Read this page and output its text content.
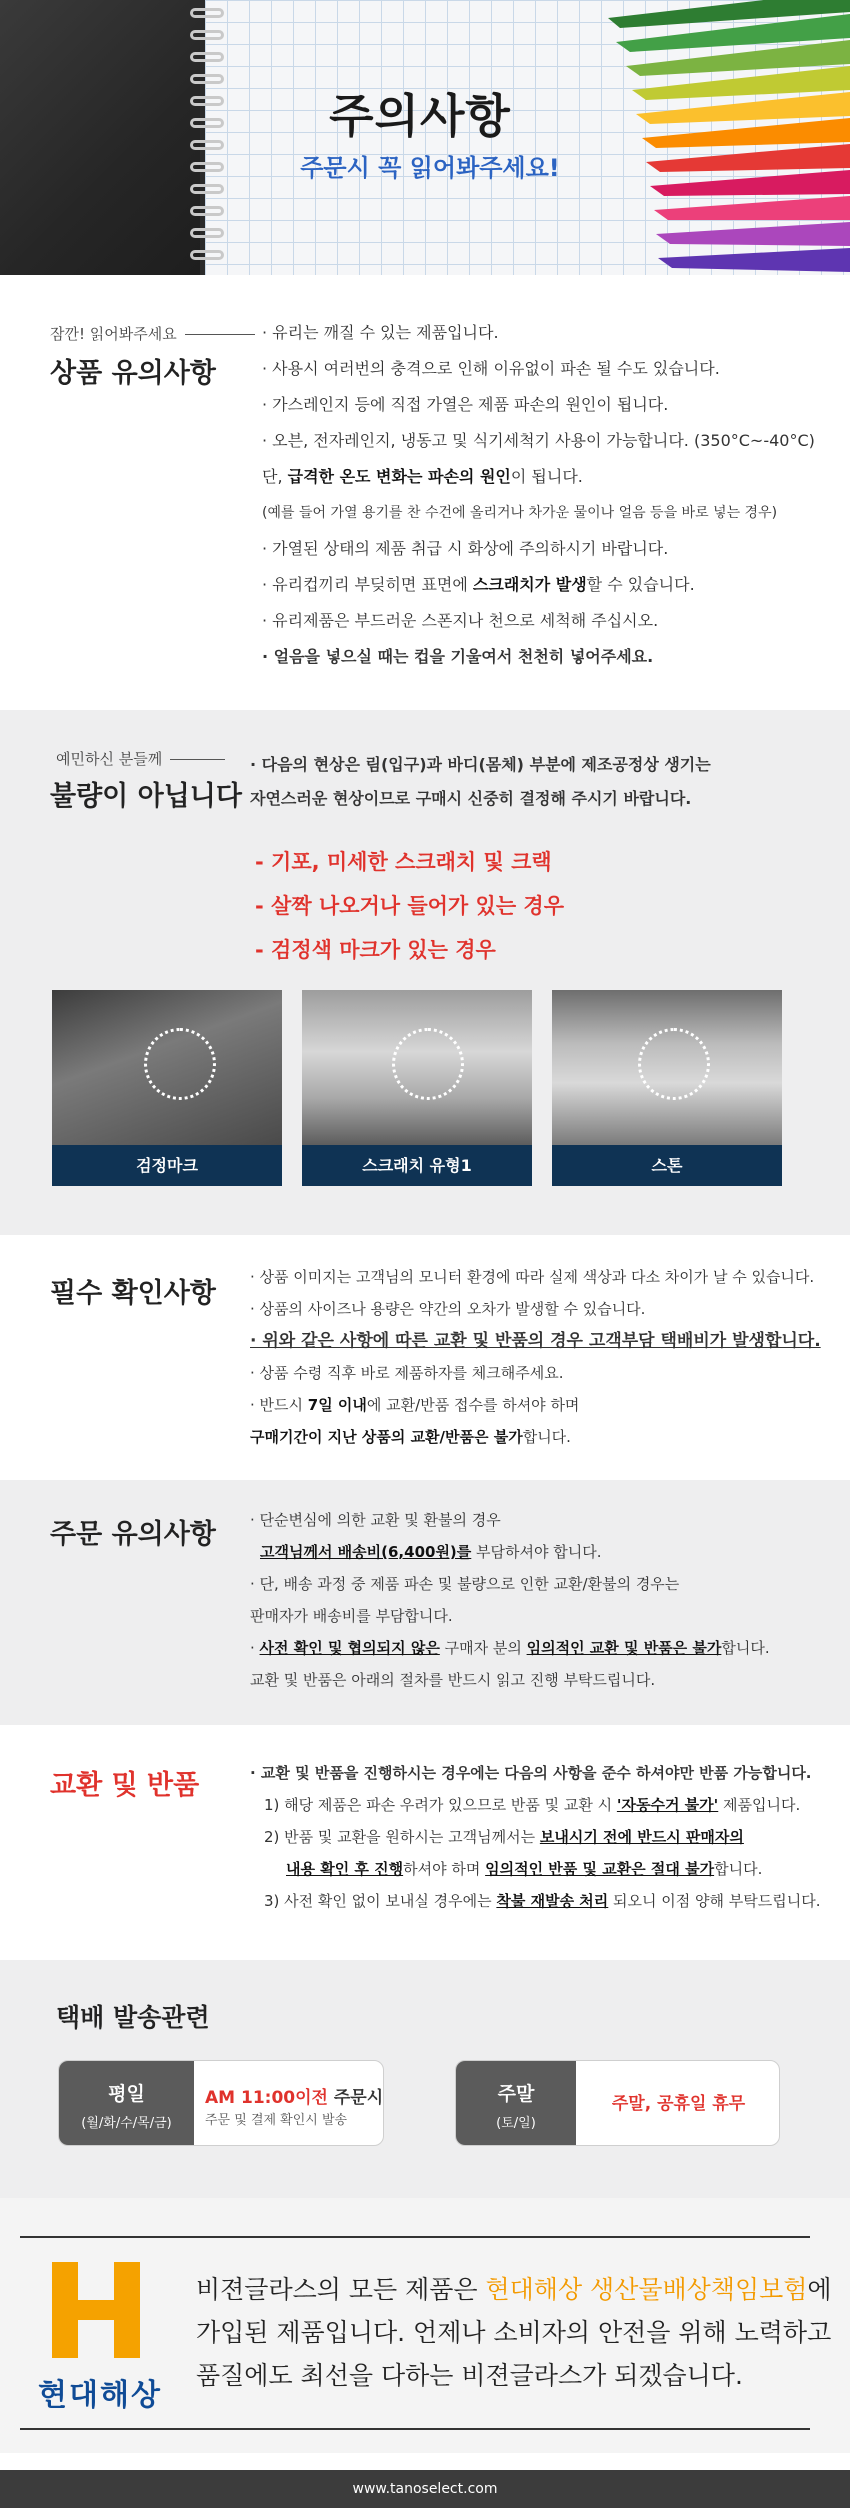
주의사항
주문시 꼭 읽어봐주세요!
잠깐! 읽어봐주세요
상품 유의사항
· 유리는 깨질 수 있는 제품입니다.
· 사용시 여러번의 충격으로 인해 이유없이 파손 될 수도 있습니다.
· 가스레인지 등에 직접 가열은 제품 파손의 원인이 됩니다.
· 오븐, 전자레인지, 냉동고 및 식기세척기 사용이 가능합니다. (350°C~-40°C)
단, 급격한 온도 변화는 파손의 원인이 됩니다.
(예를 들어 가열 용기를 찬 수건에 올리거나 차가운 물이나 얼음 등을 바로 넣는 경우)
· 가열된 상태의 제품 취급 시 화상에 주의하시기 바랍니다.
· 유리컵끼리 부딪히면 표면에 스크래치가 발생할 수 있습니다.
· 유리제품은 부드러운 스폰지나 천으로 세척해 주십시오.
· 얼음을 넣으실 때는 컵을 기울여서 천천히 넣어주세요.
예민하신 분들께
불량이 아닙니다
· 다음의 현상은 림(입구)과 바디(몸체) 부분에 제조공정상 생기는
자연스러운 현상이므로 구매시 신중히 결정해 주시기 바랍니다.
- 기포, 미세한 스크래치 및 크랙
- 살짝 나오거나 들어가 있는 경우
- 검정색 마크가 있는 경우
검정마크	스크래치 유형1	스톤
필수 확인사항
· 상품 이미지는 고객님의 모니터 환경에 따라 실제 색상과 다소 차이가 날 수 있습니다.
· 상품의 사이즈나 용량은 약간의 오차가 발생할 수 있습니다.
· 위와 같은 사항에 따른 교환 및 반품의 경우 고객부담 택배비가 발생합니다.
· 상품 수령 직후 바로 제품하자를 체크해주세요.
· 반드시 7일 이내에 교환/반품 접수를 하셔야 하며
구매기간이 지난 상품의 교환/반품은 불가합니다.
주문 유의사항 · 단순변심에 의한 교환 및 환불의 경우
고객님께서 배송비(6,400원)를 부담하셔야 합니다.
· 단, 배송 과정 중 제품 파손 및 불량으로 인한 교환/환불의 경우는
판매자가 배송비를 부담합니다.
· 사전 확인 및 협의되지 않은 구매자 분의 임의적인 교환 및 반품은 불가합니다.
교환 및 반품은 아래의 절차를 반드시 읽고 진행 부탁드립니다.
교환 및 반품	· 교환 및 반품을 진행하시는 경우에는 다음의 사항을 준수 하셔야만 반품 가능합니다.
1) 해당 제품은 파손 우려가 있으므로 반품 및 교환 시 '자동수거 불가' 제품입니다.
2) 반품 및 교환을 원하시는 고객님께서는 보내시기 전에 반드시 판매자의
내용 확인 후 진행하셔야 하며 임의적인 반품 및 교환은 절대 불가합니다.
3) 사전 확인 없이 보내실 경우에는 착불 재발송 처리 되오니 이점 양해 부탁드립니다.
택배 발송관련
평일
(월/화/수/목/금)
AM 11:00이전 주문시
주문 및 결제 확인시 발송
주말
(토/일)
주말, 공휴일 휴무
현대해상
비젼글라스의 모든 제품은 현대해상 생산물배상책임보험에
가입된 제품입니다. 언제나 소비자의 안전을 위해 노력하고
품질에도 최선을 다하는 비젼글라스가 되겠습니다.
www.tanoselect.com
